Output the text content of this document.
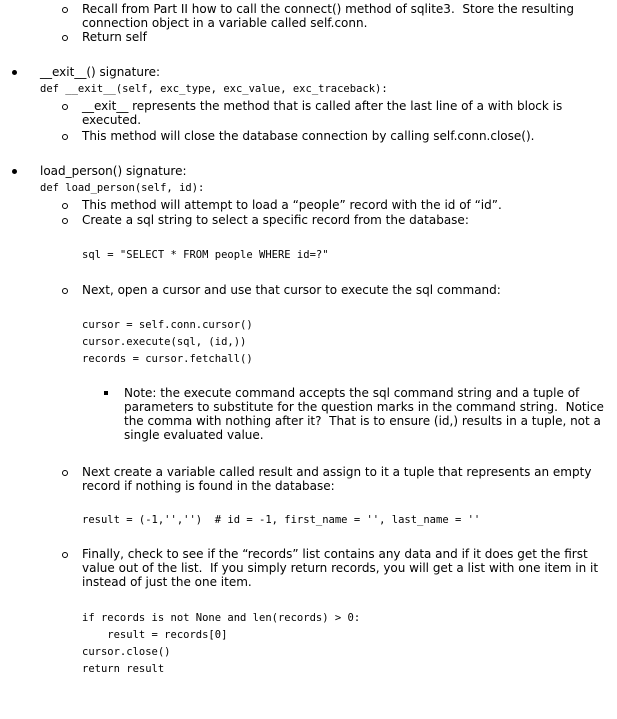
Recall from Part II how to call the connect() method of sqlite3.  Store the resulting
connection object in a variable called self.conn.
Return self
__exit__() signature:
def __exit__(self, exc_type, exc_value, exc_traceback):
__exit__ represents the method that is called after the last line of a with block is
executed.
This method will close the database connection by calling self.conn.close().
load_person() signature:
def load_person(self, id):
This method will attempt to load a “people” record with the id of “id”.
Create a sql string to select a specific record from the database:
sql = "SELECT * FROM people WHERE id=?"
Next, open a cursor and use that cursor to execute the sql command:
cursor = self.conn.cursor()
cursor.execute(sql, (id,))
records = cursor.fetchall()
Note: the execute command accepts the sql command string and a tuple of
parameters to substitute for the question marks in the command string.  Notice
the comma with nothing after it?  That is to ensure (id,) results in a tuple, not a
single evaluated value.
Next create a variable called result and assign to it a tuple that represents an empty
record if nothing is found in the database:
result = (-1,'','')  # id = -1, first_name = '', last_name = ''
Finally, check to see if the “records” list contains any data and if it does get the first
value out of the list.  If you simply return records, you will get a list with one item in it
instead of just the one item.
if records is not None and len(records) > 0:
result = records[0]
cursor.close()
return result
